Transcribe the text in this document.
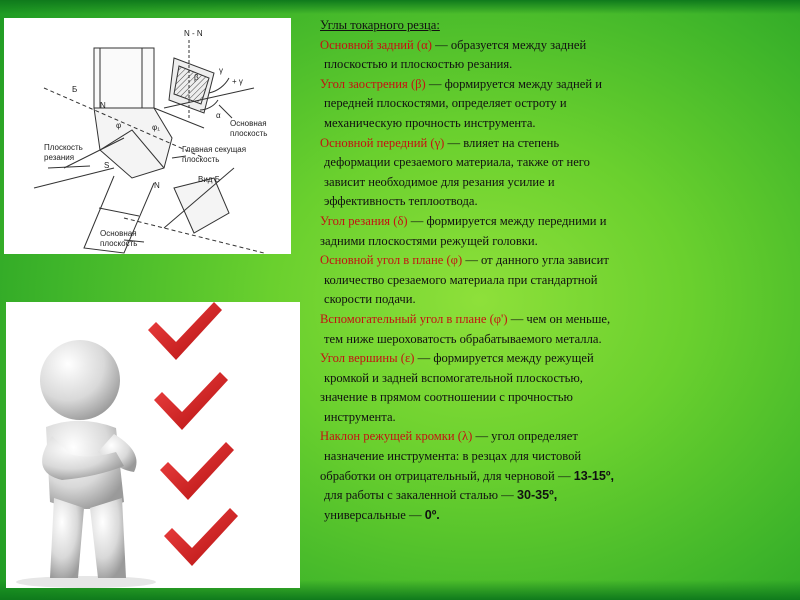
N - N
Б
N
N
S
φ	φ₁
α
β
γ
+ γ
Основная
плоскость
Главная секущая
плоскость
Вид Б
Плоскость
резания
Основная
плоскость

Углы токарного резца:

Основной задний (α) — образуется между задней

плоскостью и плоскостью резания.

Угол заострения (β) — формируется между задней и

передней плоскостями, определяет остроту и

механическую прочность инструмента.

Основной передний (γ) — влияет на степень

деформации срезаемого материала, также от него

зависит необходимое для резания усилие и

эффективность теплоотвода.

Угол резания (δ) — формируется между передними и

задними плоскостями режущей головки.

Основной угол в плане (φ) — от данного угла зависит

количество срезаемого материала при стандартной

скорости подачи.

Вспомогательный угол в плане (φ') — чем он меньше,

тем ниже шероховатость обрабатываемого металла.

Угол вершины (ε) — формируется между режущей

кромкой и задней вспомогательной плоскостью,

значение в прямом соотношении с прочностью

инструмента.

Наклон режущей кромки (λ) — угол определяет

назначение инструмента: в резцах для чистовой

обработки он отрицательный, для черновой — 13-15º,

для работы с закаленной сталью — 30-35º,

универсальные — 0º.
